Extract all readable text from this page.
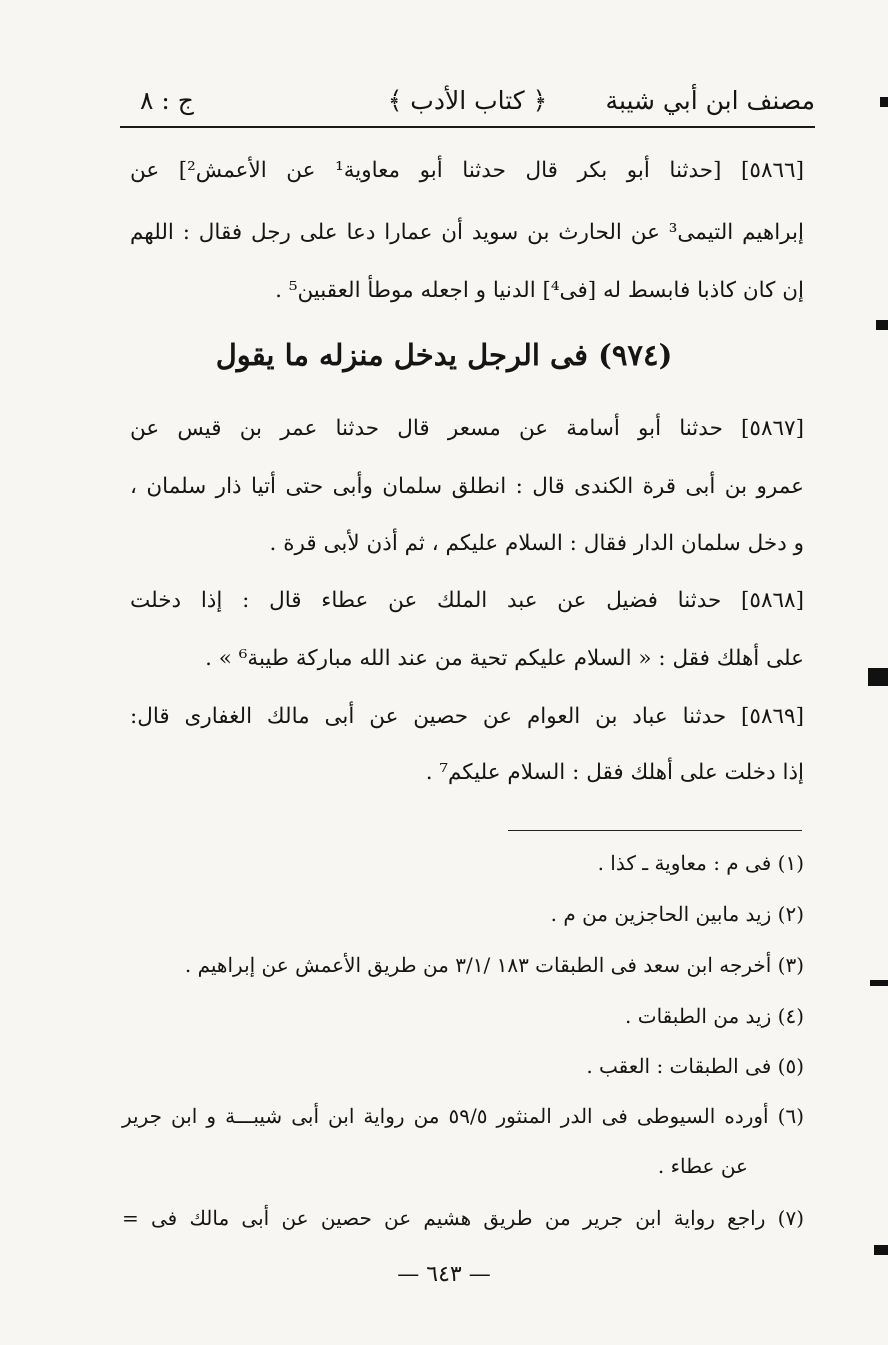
مصنف ابن أبي شيبة
﴿ كتاب الأدب ﴾
ج : ٨
[٥٨٦٦] [حدثنا أبو بكر قال حدثنا أبو معاوية¹ عن الأعمش²] عن
إبراهيم التيمى³ عن الحارث بن سويد أن عمارا دعا على رجل فقال : اللهم
إن كان كاذبا فابسط له [فى⁴] الدنيا و اجعله موطأ العقبين⁵ .
(٩٧٤) فى الرجل يدخل منزله ما يقول
[٥٨٦٧] حدثنا أبو أسامة عن مسعر قال حدثنا عمر بن قيس عن
عمرو بن أبى قرة الكندى قال : انطلق سلمان وأبى حتى أتيا ذار سلمان ،
و دخل سلمان الدار فقال : السلام عليكم ، ثم أذن لأبى قرة .
[٥٨٦٨] حدثنا فضيل عن عبد الملك عن عطاء قال : إذا دخلت
على أهلك فقل : « السلام عليكم تحية من عند الله مباركة طيبة⁶ » .
[٥٨٦٩] حدثنا عباد بن العوام عن حصين عن أبى مالك الغفارى قال:
إذا دخلت على أهلك فقل : السلام عليكم⁷ .
(١) فى م : معاوية ـ كذا .
(٢) زيد مابين الحاجزين من م .
(٣) أخرجه ابن سعد فى الطبقات ١٨٣ /٣/١ من طريق الأعمش عن إبراهيم .
(٤) زيد من الطبقات .
(٥) فى الطبقات : العقب .
(٦) أورده السيوطى فى الدر المنثور ٥٩/٥ من رواية ابن أبى شيبـــة و ابن جرير
عن عطاء .
(٧) راجع رواية ابن جرير من طريق هشيم عن حصين عن أبى مالك فى =
— ٦٤٣ —
